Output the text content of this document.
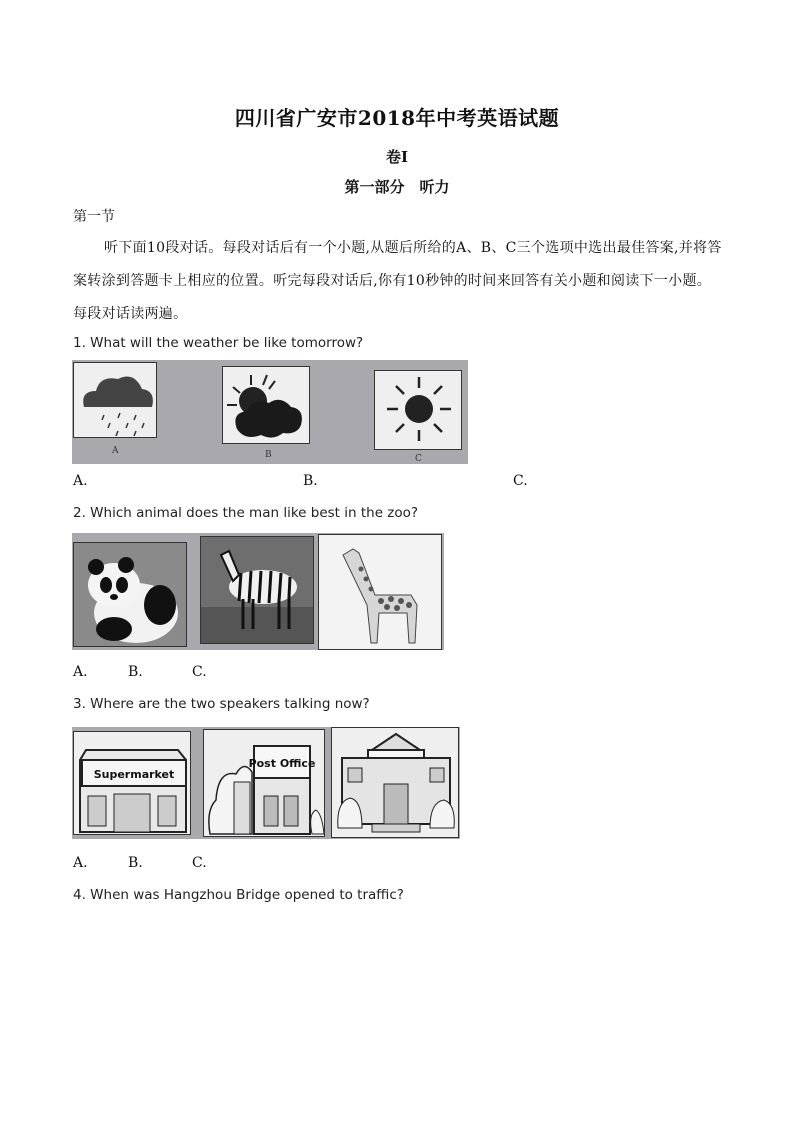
四川省广安市2018年中考英语试题
卷I
第一部分　听力
第一节
听下面10段对话。每段对话后有一个小题,从题后所给的A、B、C三个选项中选出最佳答案,并将答案转涂到答题卡上相应的位置。听完每段对话后,你有10秒钟的时间来回答有关小题和阅读下一小题。每段对话读两遍。
1. What will the weather be like tomorrow?
A	B	C
A.	B.	C.
2. Which animal does the man like best in the zoo?
A.	B.	C.
3. Where are the two speakers talking now?
Supermarket
Post Office
A.	B.	C.
4. When was Hangzhou Bridge opened to traffic?
